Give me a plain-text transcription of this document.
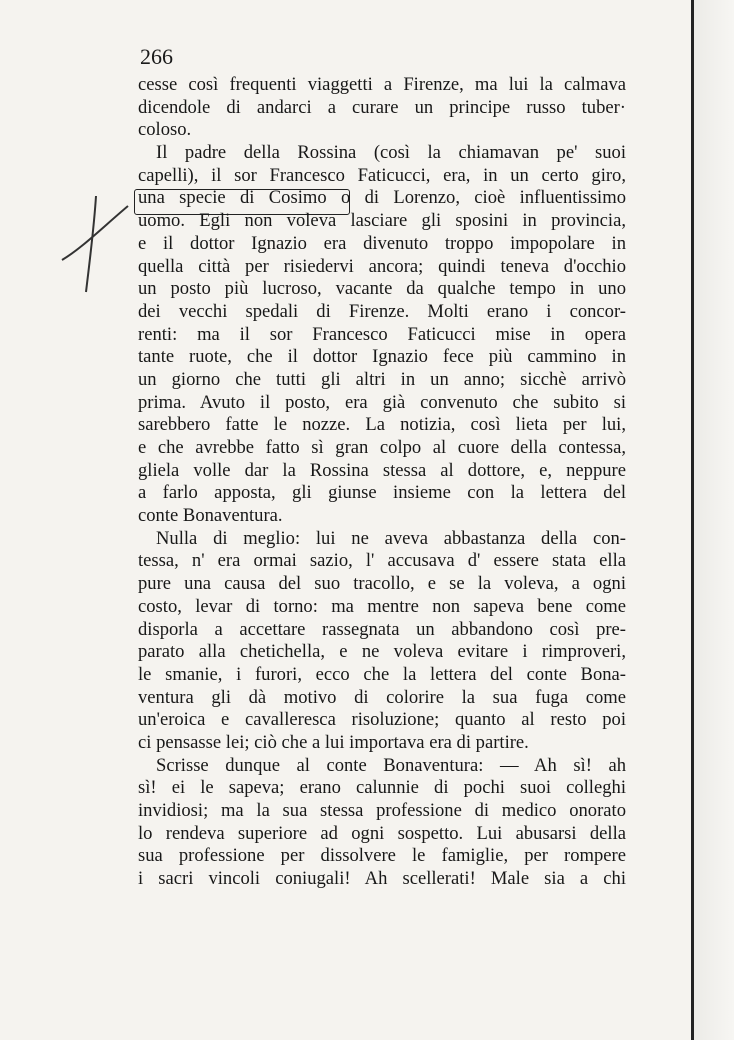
266
cesse così frequenti viaggetti a Firenze, ma lui la calmava
dicendole di andarci a curare un principe russo tuber·
coloso.
Il padre della Rossina (così la chiamavan pe' suoi
capelli), il sor Francesco Faticucci, era, in un certo giro,
una specie di Cosimo o di Lorenzo, cioè influentissimo
uomo. Egli non voleva lasciare gli sposini in provincia,
e il dottor Ignazio era divenuto troppo impopolare in
quella città per risiedervi ancora; quindi teneva d'occhio
un posto più lucroso, vacante da qualche tempo in uno
dei vecchi spedali di Firenze. Molti erano i concor-
renti: ma il sor Francesco Faticucci mise in opera
tante ruote, che il dottor Ignazio fece più cammino in
un giorno che tutti gli altri in un anno; sicchè arrivò
prima. Avuto il posto, era già convenuto che subito si
sarebbero fatte le nozze. La notizia, così lieta per lui,
e che avrebbe fatto sì gran colpo al cuore della contessa,
gliela volle dar la Rossina stessa al dottore, e, neppure
a farlo apposta, gli giunse insieme con la lettera del
conte Bonaventura.
Nulla di meglio: lui ne aveva abbastanza della con-
tessa, n' era ormai sazio, l' accusava d' essere stata ella
pure una causa del suo tracollo, e se la voleva, a ogni
costo, levar di torno: ma mentre non sapeva bene come
disporla a accettare rassegnata un abbandono così pre-
parato alla chetichella, e ne voleva evitare i rimproveri,
le smanie, i furori, ecco che la lettera del conte Bona-
ventura gli dà motivo di colorire la sua fuga come
un'eroica e cavalleresca risoluzione; quanto al resto poi
ci pensasse lei; ciò che a lui importava era di partire.
Scrisse dunque al conte Bonaventura: — Ah sì! ah
sì! ei le sapeva; erano calunnie di pochi suoi colleghi
invidiosi; ma la sua stessa professione di medico onorato
lo rendeva superiore ad ogni sospetto. Lui abusarsi della
sua professione per dissolvere le famiglie, per rompere
i sacri vincoli coniugali! Ah scellerati! Male sia a chi
